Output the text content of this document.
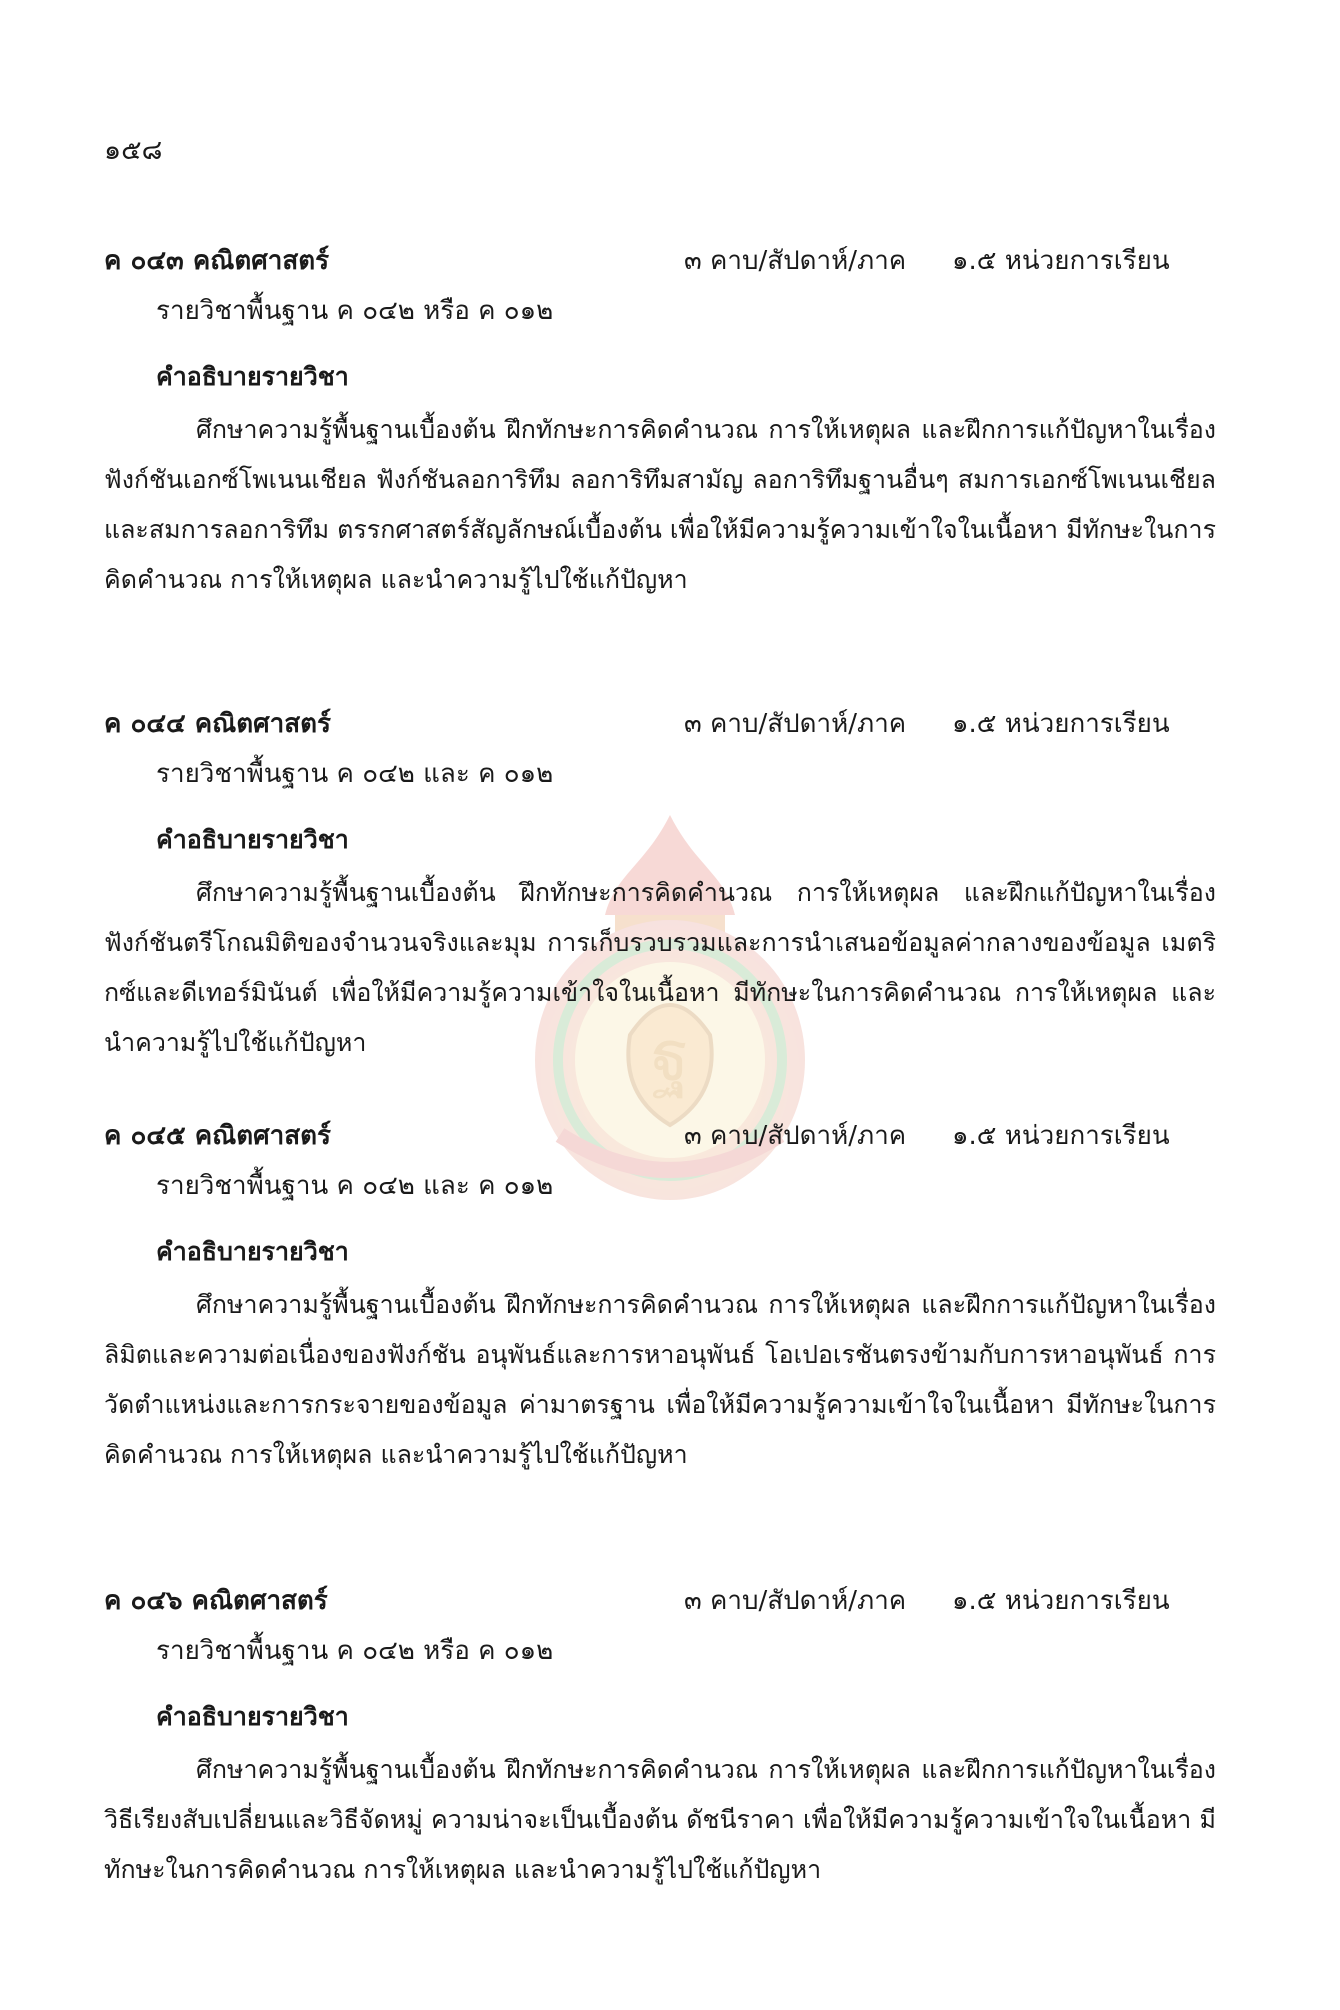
๑๕๘
ฐ
ค ๐๔๓ คณิตศาสตร์	๓ คาบ/สัปดาห์/ภาค ๑.๕ หน่วยการเรียน
รายวิชาพื้นฐาน ค ๐๔๒ หรือ ค ๐๑๒
คำอธิบายรายวิชา

ศึกษาความรู้พื้นฐานเบื้องต้น ฝึกทักษะการคิดคำนวณ การให้เหตุผล และฝึกการแก้ปัญหาในเรื่อง ฟังก์ชันเอกซ์โพเนนเชียล ฟังก์ชันลอการิทึม ลอการิทึมสามัญ ลอการิทึมฐานอื่นๆ สมการเอกซ์โพเนนเชียลและสมการลอการิทึม ตรรกศาสตร์สัญลักษณ์เบื้องต้น เพื่อให้มีความรู้ความเข้าใจในเนื้อหา มีทักษะในการคิดคำนวณ การให้เหตุผล และนำความรู้ไปใช้แก้ปัญหา

ค ๐๔๔ คณิตศาสตร์	๓ คาบ/สัปดาห์/ภาค ๑.๕ หน่วยการเรียน
รายวิชาพื้นฐาน ค ๐๔๒ และ ค ๐๑๒
คำอธิบายรายวิชา

ศึกษาความรู้พื้นฐานเบื้องต้น ฝึกทักษะการคิดคำนวณ การให้เหตุผล และฝึกแก้ปัญหาในเรื่อง ฟังก์ชันตรีโกณมิติของจำนวนจริงและมุม การเก็บรวบรวมและการนำเสนอข้อมูลค่ากลางของข้อมูล เมตริกซ์และดีเทอร์มินันต์ เพื่อให้มีความรู้ความเข้าใจในเนื้อหา มีทักษะในการคิดคำนวณ การให้เหตุผล และนำความรู้ไปใช้แก้ปัญหา

ค ๐๔๕ คณิตศาสตร์	๓ คาบ/สัปดาห์/ภาค ๑.๕ หน่วยการเรียน
รายวิชาพื้นฐาน ค ๐๔๒ และ ค ๐๑๒
คำอธิบายรายวิชา

ศึกษาความรู้พื้นฐานเบื้องต้น ฝึกทักษะการคิดคำนวณ การให้เหตุผล และฝึกการแก้ปัญหาในเรื่อง ลิมิตและความต่อเนื่องของฟังก์ชัน อนุพันธ์และการหาอนุพันธ์ โอเปอเรชันตรงข้ามกับการหาอนุพันธ์ การวัดตำแหน่งและการกระจายของข้อมูล ค่ามาตรฐาน เพื่อให้มีความรู้ความเข้าใจในเนื้อหา มีทักษะในการคิดคำนวณ การให้เหตุผล และนำความรู้ไปใช้แก้ปัญหา

ค ๐๔๖ คณิตศาสตร์	๓ คาบ/สัปดาห์/ภาค ๑.๕ หน่วยการเรียน
รายวิชาพื้นฐาน ค ๐๔๒ หรือ ค ๐๑๒
คำอธิบายรายวิชา

ศึกษาความรู้พื้นฐานเบื้องต้น ฝึกทักษะการคิดคำนวณ การให้เหตุผล และฝึกการแก้ปัญหาในเรื่อง วิธีเรียงสับเปลี่ยนและวิธีจัดหมู่ ความน่าจะเป็นเบื้องต้น ดัชนีราคา เพื่อให้มีความรู้ความเข้าใจในเนื้อหา มีทักษะในการคิดคำนวณ การให้เหตุผล และนำความรู้ไปใช้แก้ปัญหา
